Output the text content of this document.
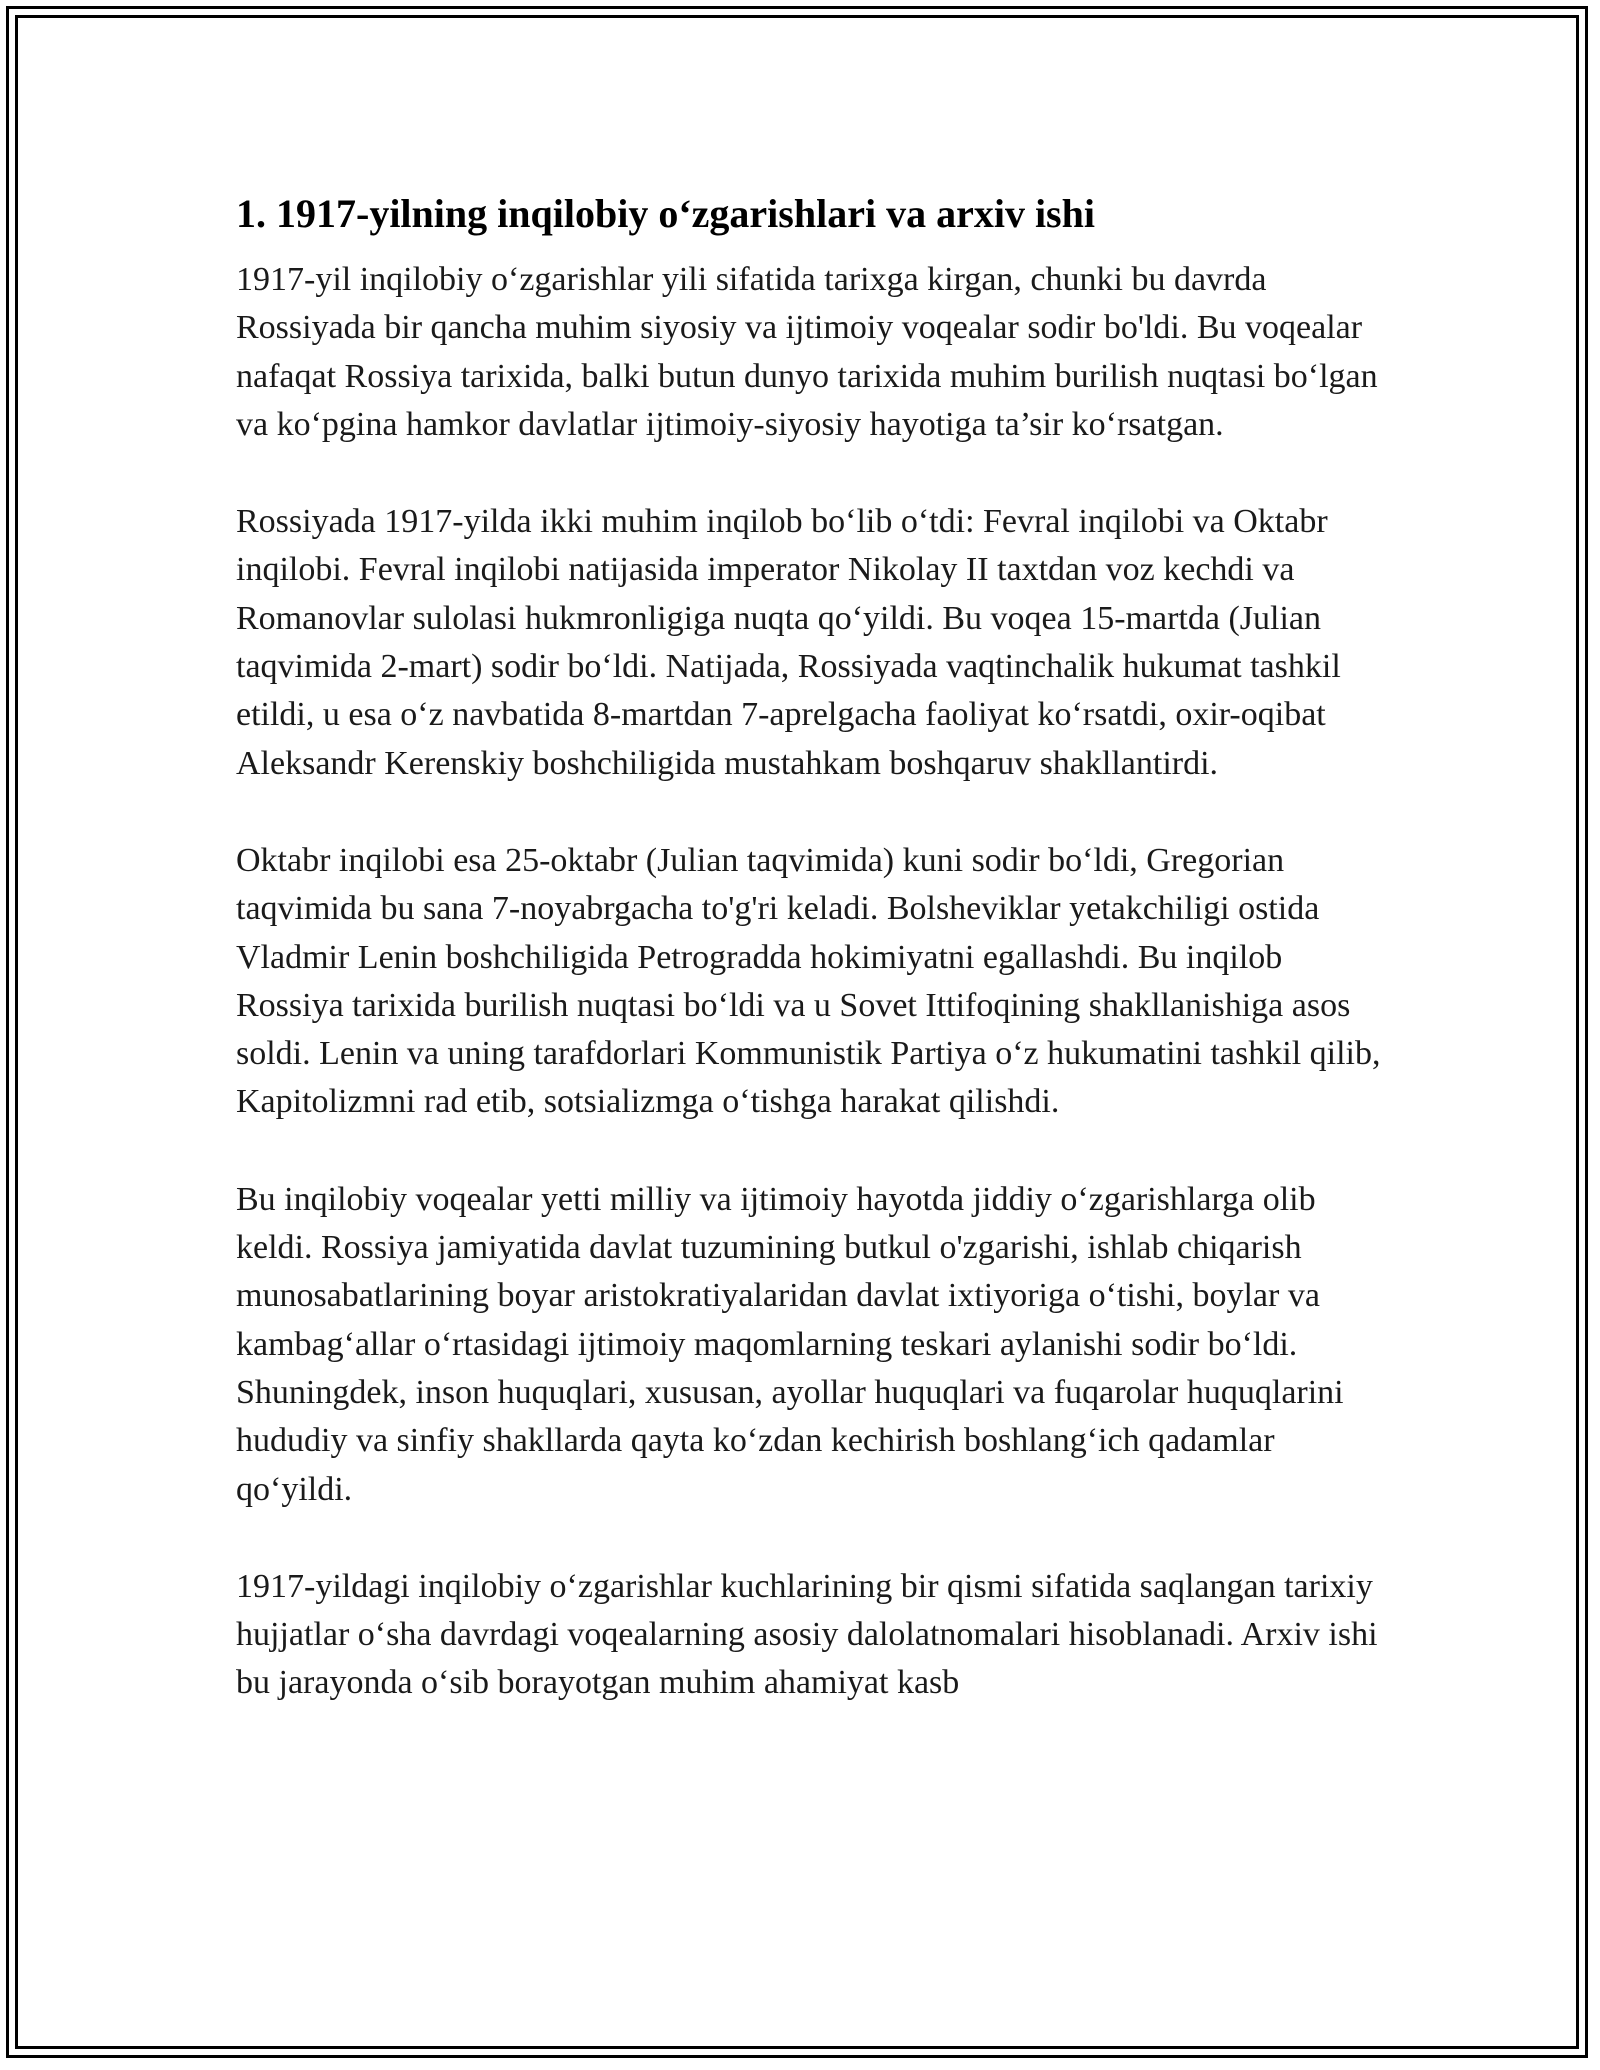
1. 1917-yilning inqilobiy o‘zgarishlari va arxiv ishi

1917-yil inqilobiy o‘zgarishlar yili sifatida tarixga kirgan, chunki bu davrda Rossiyada bir qancha muhim siyosiy va ijtimoiy voqealar sodir bo'ldi. Bu voqealar nafaqat Rossiya tarixida, balki butun dunyo tarixida muhim burilish nuqtasi bo‘lgan va ko‘pgina hamkor davlatlar ijtimoiy-siyosiy hayotiga ta’sir ko‘rsatgan.

Rossiyada 1917-yilda ikki muhim inqilob bo‘lib o‘tdi: Fevral inqilobi va Oktabr inqilobi. Fevral inqilobi natijasida imperator Nikolay II taxtdan voz kechdi va Romanovlar sulolasi hukmronligiga nuqta qo‘yildi. Bu voqea 15-martda (Julian taqvimida 2-mart) sodir bo‘ldi. Natijada, Rossiyada vaqtinchalik hukumat tashkil etildi, u esa o‘z navbatida 8-martdan 7-aprelgacha faoliyat ko‘rsatdi, oxir-oqibat Aleksandr Kerenskiy boshchiligida mustahkam boshqaruv shakllantirdi.

Oktabr inqilobi esa 25-oktabr (Julian taqvimida) kuni sodir bo‘ldi, Gregorian taqvimida bu sana 7-noyabrgacha to'g'ri keladi. Bolsheviklar yetakchiligi ostida Vladmir Lenin boshchiligida Petrogradda hokimiyatni egallashdi. Bu inqilob Rossiya tarixida burilish nuqtasi bo‘ldi va u Sovet Ittifoqining shakllanishiga asos soldi. Lenin va uning tarafdorlari Kommunistik Partiya o‘z hukumatini tashkil qilib, Kapitolizmni rad etib, sotsializmga o‘tishga harakat qilishdi.

Bu inqilobiy voqealar yetti milliy va ijtimoiy hayotda jiddiy o‘zgarishlarga olib keldi. Rossiya jamiyatida davlat tuzumining butkul o'zgarishi, ishlab chiqarish munosabatlarining boyar aristokratiyalaridan davlat ixtiyoriga o‘tishi, boylar va kambag‘allar o‘rtasidagi ijtimoiy maqomlarning teskari aylanishi sodir bo‘ldi. Shuningdek, inson huquqlari, xususan, ayollar huquqlari va fuqarolar huquqlarini hududiy va sinfiy shakllarda qayta ko‘zdan kechirish boshlang‘ich qadamlar qo‘yildi.

1917-yildagi inqilobiy o‘zgarishlar kuchlarining bir qismi sifatida saqlangan tarixiy hujjatlar o‘sha davrdagi voqealarning asosiy dalolatnomalari hisoblanadi. Arxiv ishi bu jarayonda o‘sib borayotgan muhim ahamiyat kasb
